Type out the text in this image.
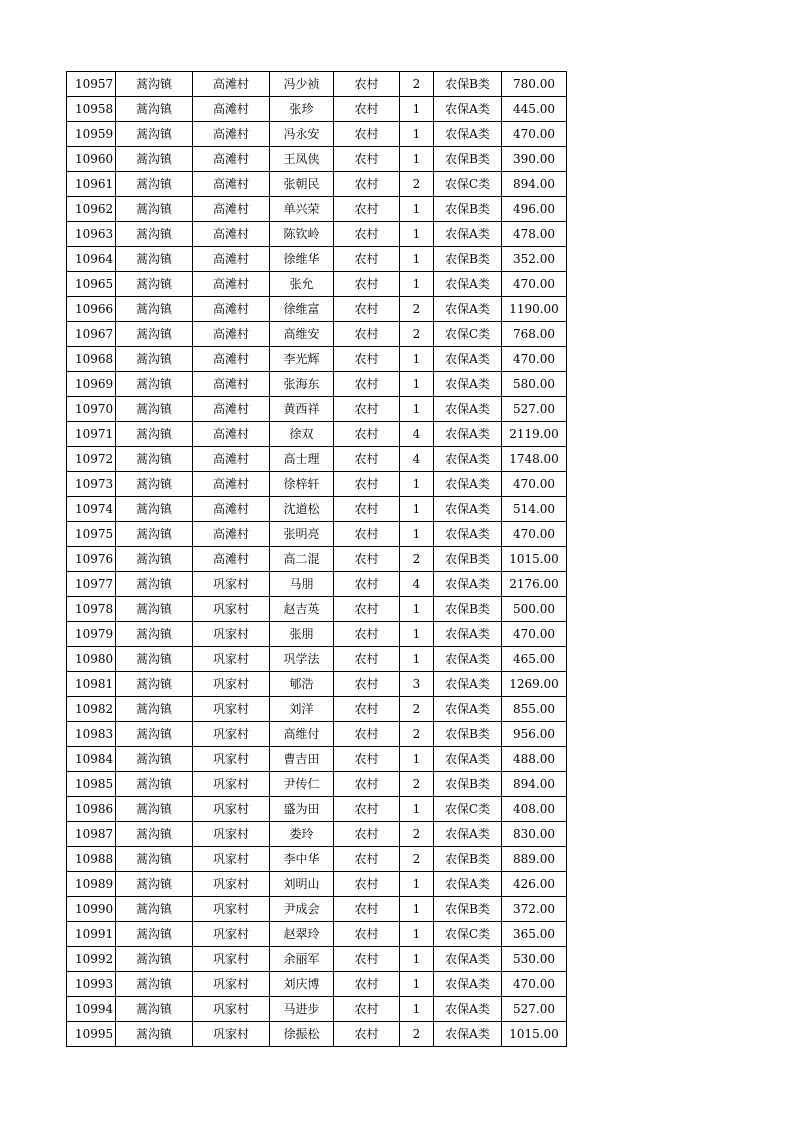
10957	蒿沟镇	高滩村	冯少祯	农村	2	农保B类	780.00
10958	蒿沟镇	高滩村	张珍	农村	1	农保A类	445.00
10959	蒿沟镇	高滩村	冯永安	农村	1	农保A类	470.00
10960	蒿沟镇	高滩村	王凤侠	农村	1	农保B类	390.00
10961	蒿沟镇	高滩村	张朝民	农村	2	农保C类	894.00
10962	蒿沟镇	高滩村	单兴荣	农村	1	农保B类	496.00
10963	蒿沟镇	高滩村	陈钦岭	农村	1	农保A类	478.00
10964	蒿沟镇	高滩村	徐维华	农村	1	农保B类	352.00
10965	蒿沟镇	高滩村	张允	农村	1	农保A类	470.00
10966	蒿沟镇	高滩村	徐维富	农村	2	农保A类	1190.00
10967	蒿沟镇	高滩村	高维安	农村	2	农保C类	768.00
10968	蒿沟镇	高滩村	李光辉	农村	1	农保A类	470.00
10969	蒿沟镇	高滩村	张海东	农村	1	农保A类	580.00
10970	蒿沟镇	高滩村	黄西祥	农村	1	农保A类	527.00
10971	蒿沟镇	高滩村	徐双	农村	4	农保A类	2119.00
10972	蒿沟镇	高滩村	高士理	农村	4	农保A类	1748.00
10973	蒿沟镇	高滩村	徐梓轩	农村	1	农保A类	470.00
10974	蒿沟镇	高滩村	沈道松	农村	1	农保A类	514.00
10975	蒿沟镇	高滩村	张明亮	农村	1	农保A类	470.00
10976	蒿沟镇	高滩村	高二混	农村	2	农保B类	1015.00
10977	蒿沟镇	巩家村	马朋	农村	4	农保A类	2176.00
10978	蒿沟镇	巩家村	赵吉英	农村	1	农保B类	500.00
10979	蒿沟镇	巩家村	张朋	农村	1	农保A类	470.00
10980	蒿沟镇	巩家村	巩学法	农村	1	农保A类	465.00
10981	蒿沟镇	巩家村	郇浩	农村	3	农保A类	1269.00
10982	蒿沟镇	巩家村	刘洋	农村	2	农保A类	855.00
10983	蒿沟镇	巩家村	高维付	农村	2	农保B类	956.00
10984	蒿沟镇	巩家村	曹吉田	农村	1	农保A类	488.00
10985	蒿沟镇	巩家村	尹传仁	农村	2	农保B类	894.00
10986	蒿沟镇	巩家村	盛为田	农村	1	农保C类	408.00
10987	蒿沟镇	巩家村	娄玲	农村	2	农保A类	830.00
10988	蒿沟镇	巩家村	李中华	农村	2	农保B类	889.00
10989	蒿沟镇	巩家村	刘明山	农村	1	农保A类	426.00
10990	蒿沟镇	巩家村	尹成会	农村	1	农保B类	372.00
10991	蒿沟镇	巩家村	赵翠玲	农村	1	农保C类	365.00
10992	蒿沟镇	巩家村	余丽军	农村	1	农保A类	530.00
10993	蒿沟镇	巩家村	刘庆博	农村	1	农保A类	470.00
10994	蒿沟镇	巩家村	马进步	农村	1	农保A类	527.00
10995	蒿沟镇	巩家村	徐振松	农村	2	农保A类	1015.00
